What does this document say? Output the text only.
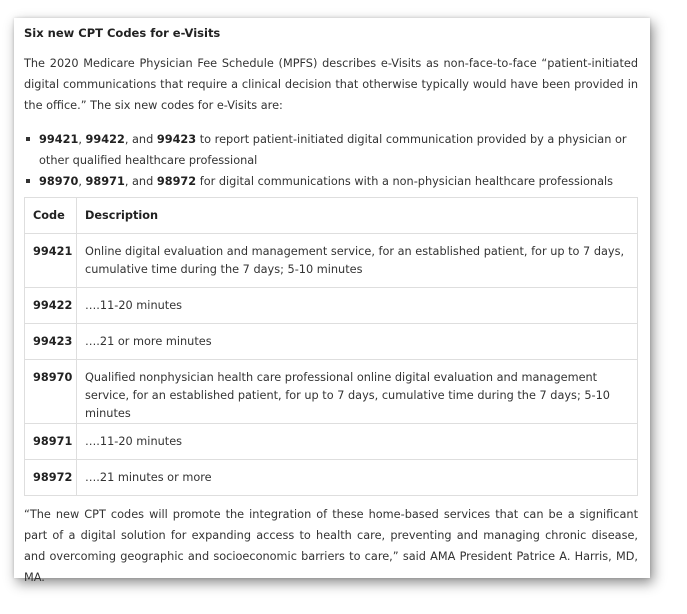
Six new CPT Codes for e-Visits

The 2020 Medicare Physician Fee Schedule (MPFS) describes e-Visits as non-face-to-face “patient-initiated digital communications that require a clinical decision that otherwise typically would have been provided in the office.” The six new codes for e-Visits are:

99421, 99422, and 99423 to report patient-initiated digital communication provided by a physician or other qualified healthcare professional
98970, 98971, and 98972 for digital communications with a non-physician healthcare professionals
Code	Description
99421	Online digital evaluation and management service, for an established patient, for up to 7 days, cumulative time during the 7 days; 5-10 minutes
99422	….11-20 minutes
99423	….21 or more minutes
98970	Qualified nonphysician health care professional online digital evaluation and management service, for an established patient, for up to 7 days, cumulative time during the 7 days; 5-10 minutes
98971	….11-20 minutes
98972	….21 minutes or more

“The new CPT codes will promote the integration of these home-based services that can be a significant part of a digital solution for expanding access to health care, preventing and managing chronic disease, and overcoming geographic and socioeconomic barriers to care,” said AMA President Patrice A. Harris, MD, MA.
